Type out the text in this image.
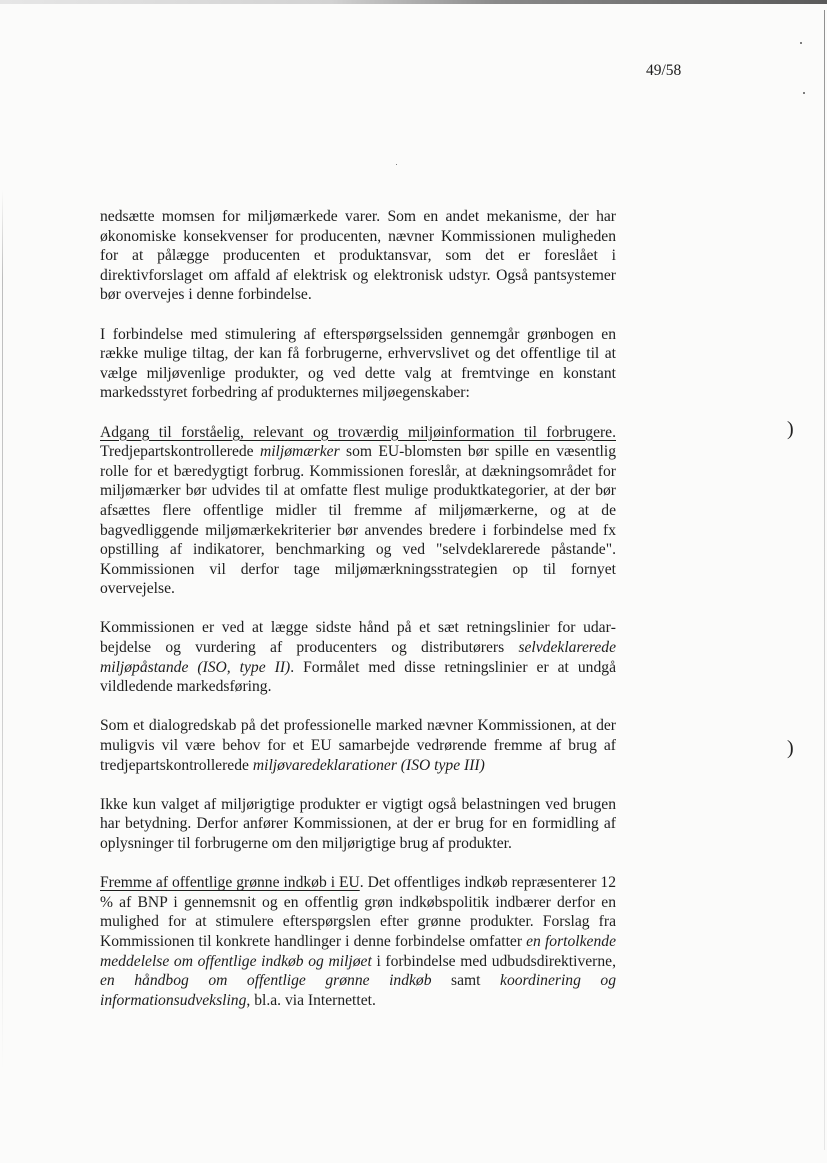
49/58
)
)

nedsætte momsen for miljømærkede varer. Som en andet mekanisme, der har økonomiske konsekvenser for producenten, nævner Kommissionen muligheden for at pålægge producenten et produktansvar, som det er foreslået i direktivforslaget om affald af elektrisk og elektronisk udstyr. Også pantsystemer bør overvejes i denne forbindelse.

I forbindelse med stimulering af efterspørgselssiden gennemgår grønbogen en række mulige tiltag, der kan få forbrugerne, erhvervslivet og det offentlige til at vælge miljøvenlige produkter, og ved dette valg at fremtvinge en konstant markedsstyret forbedring af produkternes miljøegenskaber:

Adgang til forståelig, relevant og troværdig miljøinformation til forbrugere. Tredjepartskontrollerede miljømærker som EU-blomsten bør spille en væsentlig rolle for et bæredygtigt forbrug. Kommissionen foreslår, at dækningsområdet for miljømærker bør udvides til at omfatte flest mulige produktkategorier, at der bør afsættes flere offentlige midler til fremme af miljømærkerne, og at de bagvedliggende miljømærkekriterier bør anvendes bredere i forbindelse med fx opstilling af indikatorer, benchmarking og ved "selvdeklarerede påstande". Kommissionen vil derfor tage miljømærkningsstrategien op til fornyet overvejelse.

Kommissionen er ved at lægge sidste hånd på et sæt retningslinier for udarbejdelse og vurdering af producenters og distributørers selvdeklarerede miljøpåstande (ISO, type II). Formålet med disse retningslinier er at undgå vildledende markedsføring.

Som et dialogredskab på det professionelle marked nævner Kommissionen, at der muligvis vil være behov for et EU samarbejde vedrørende fremme af brug af tredjepartskontrollerede miljøvaredeklarationer (ISO type III)

Ikke kun valget af miljørigtige produkter er vigtigt også belastningen ved brugen har betydning. Derfor anfører Kommissionen, at der er brug for en formidling af oplysninger til forbrugerne om den miljørigtige brug af produkter.

Fremme af offentlige grønne indkøb i EU. Det offentliges indkøb repræsenterer 12 % af BNP i gennemsnit og en offentlig grøn indkøbspolitik indbærer derfor en mulighed for at stimulere efterspørgslen efter grønne produkter. Forslag fra Kommissionen til konkrete handlinger i denne forbindelse omfatter en fortolkende meddelelse om offentlige indkøb og miljøet i forbindelse med udbudsdirektiverne, en håndbog om offentlige grønne indkøb samt koordinering og informationsudveksling, bl.a. via Internettet.
